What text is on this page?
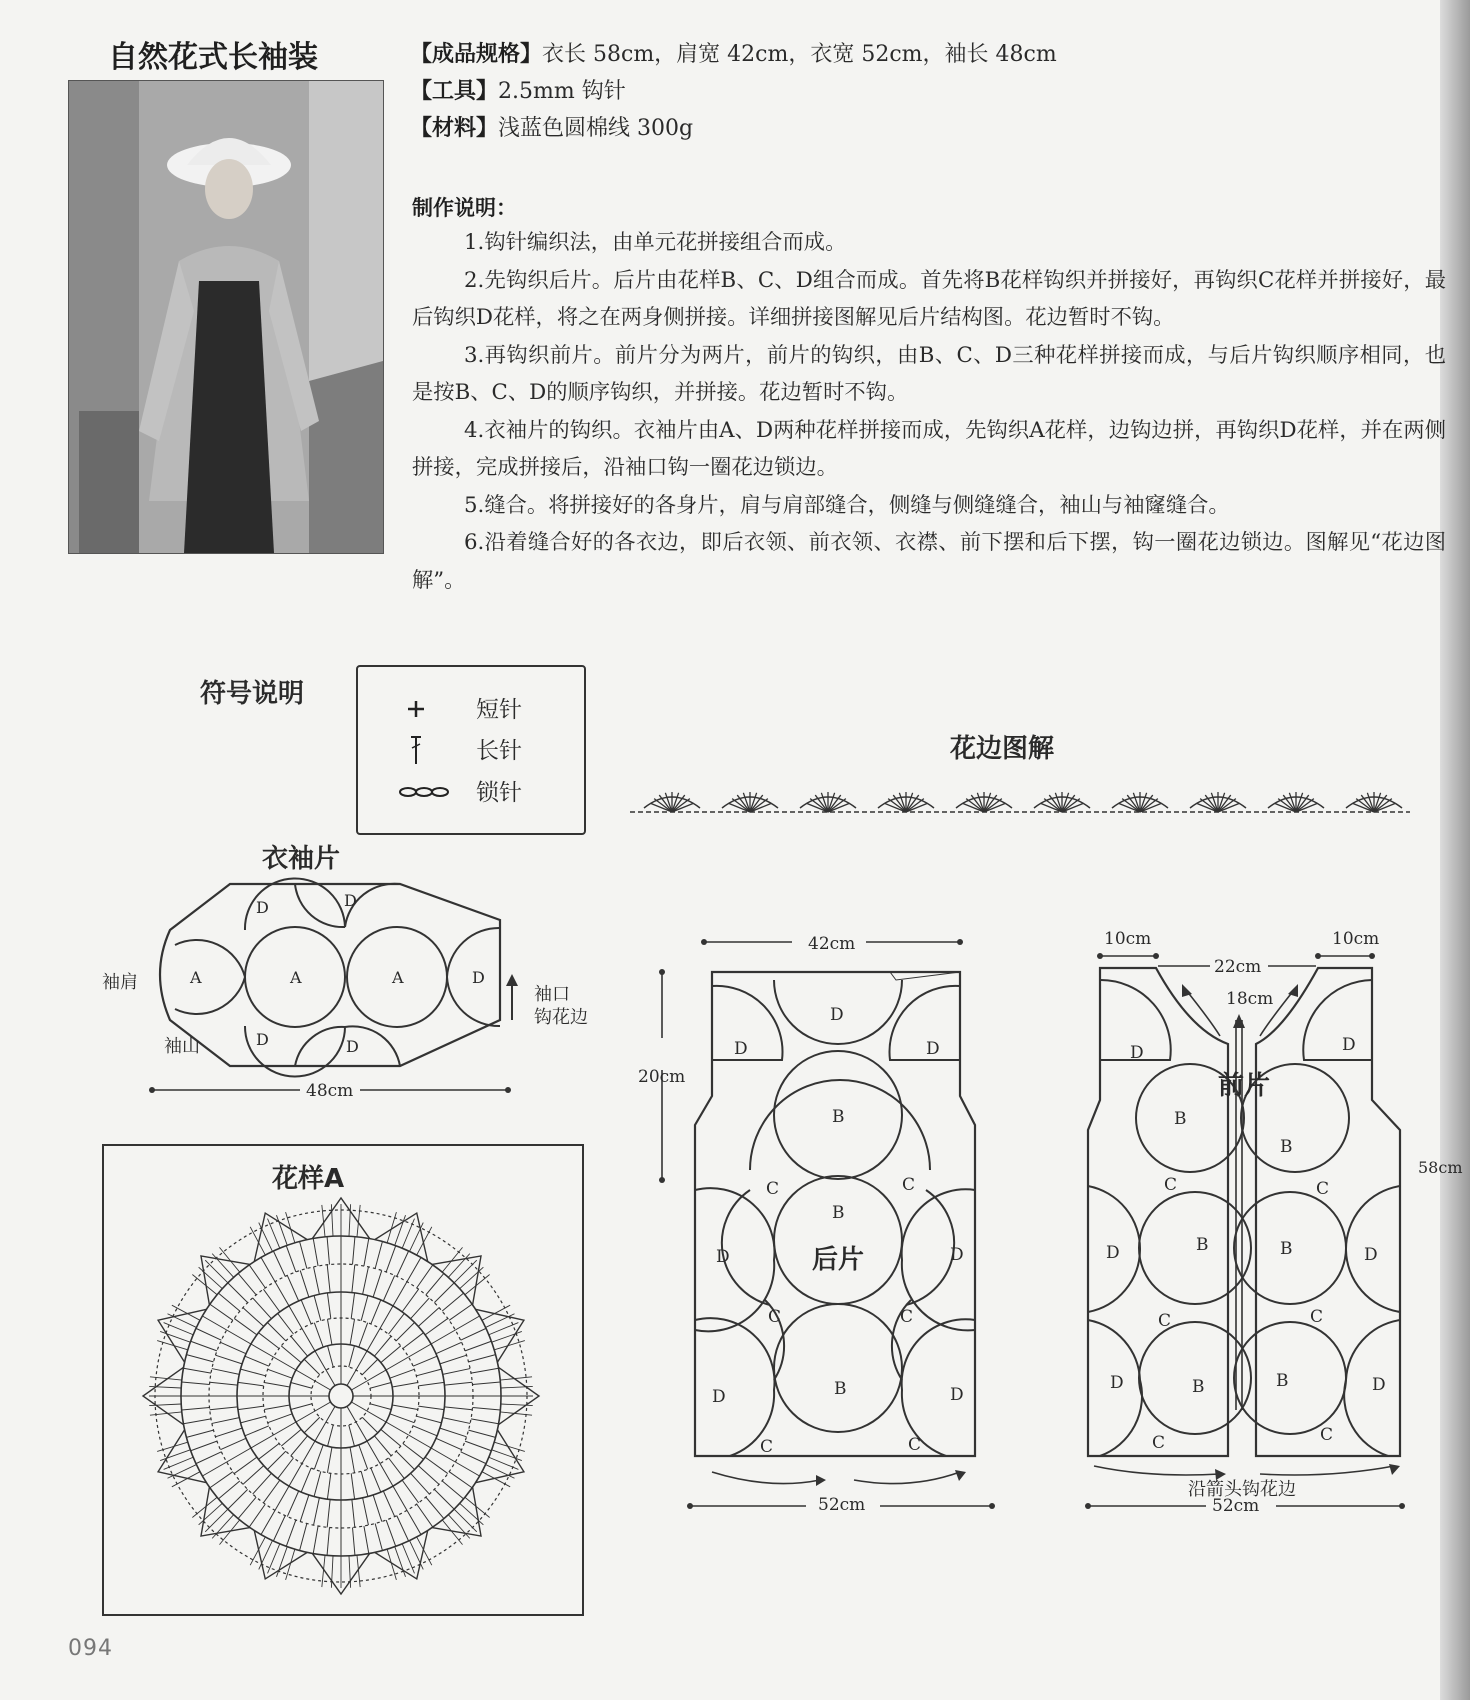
自然花式长袖装	【成品规格】衣长 58cm，肩宽 42cm，衣宽 52cm，袖长 48cm
【工具】2.5mm 钩针
【材料】浅蓝色圆棉线 300g
制作说明：

1.钩针编织法，由单元花拼接组合而成。

2.先钩织后片。后片由花样B、C、D组合而成。首先将B花样钩织并拼接好，再钩织C花样并拼接好，最后钩织D花样，将之在两身侧拼接。详细拼接图解见后片结构图。花边暂时不钩。

3.再钩织前片。前片分为两片，前片的钩织，由B、C、D三种花样拼接而成，与后片钩织顺序相同，也是按B、C、D的顺序钩织，并拼接。花边暂时不钩。

4.衣袖片的钩织。衣袖片由A、D两种花样拼接而成，先钩织A花样，边钩边拼，再钩织D花样，并在两侧拼接，完成拼接后，沿袖口钩一圈花边锁边。

5.缝合。将拼接好的各身片，肩与肩部缝合，侧缝与侧缝缝合，袖山与袖窿缝合。

6.沿着缝合好的各衣边，即后衣领、前衣领、衣襟、前下摆和后下摆，钩一圈花边锁边。图解见“花边图解”。

符号说明
短针
长针
锁针
花边图解
衣袖片
D	D
A	A	A	D
D	D
袖肩
袖山
袖口
钩花边
48cm
花样A
42cm
20cm
D
D	D
B
C	C
B
D	D
C	C
B
D	D
C	C
后片
52cm
10cm	10cm
22cm
18cm
D	D
B
B
C	C
D	B	B	D
C	C
D	B	B	D
C	C
前片
沿箭头钩花边
52cm
58cm
094
